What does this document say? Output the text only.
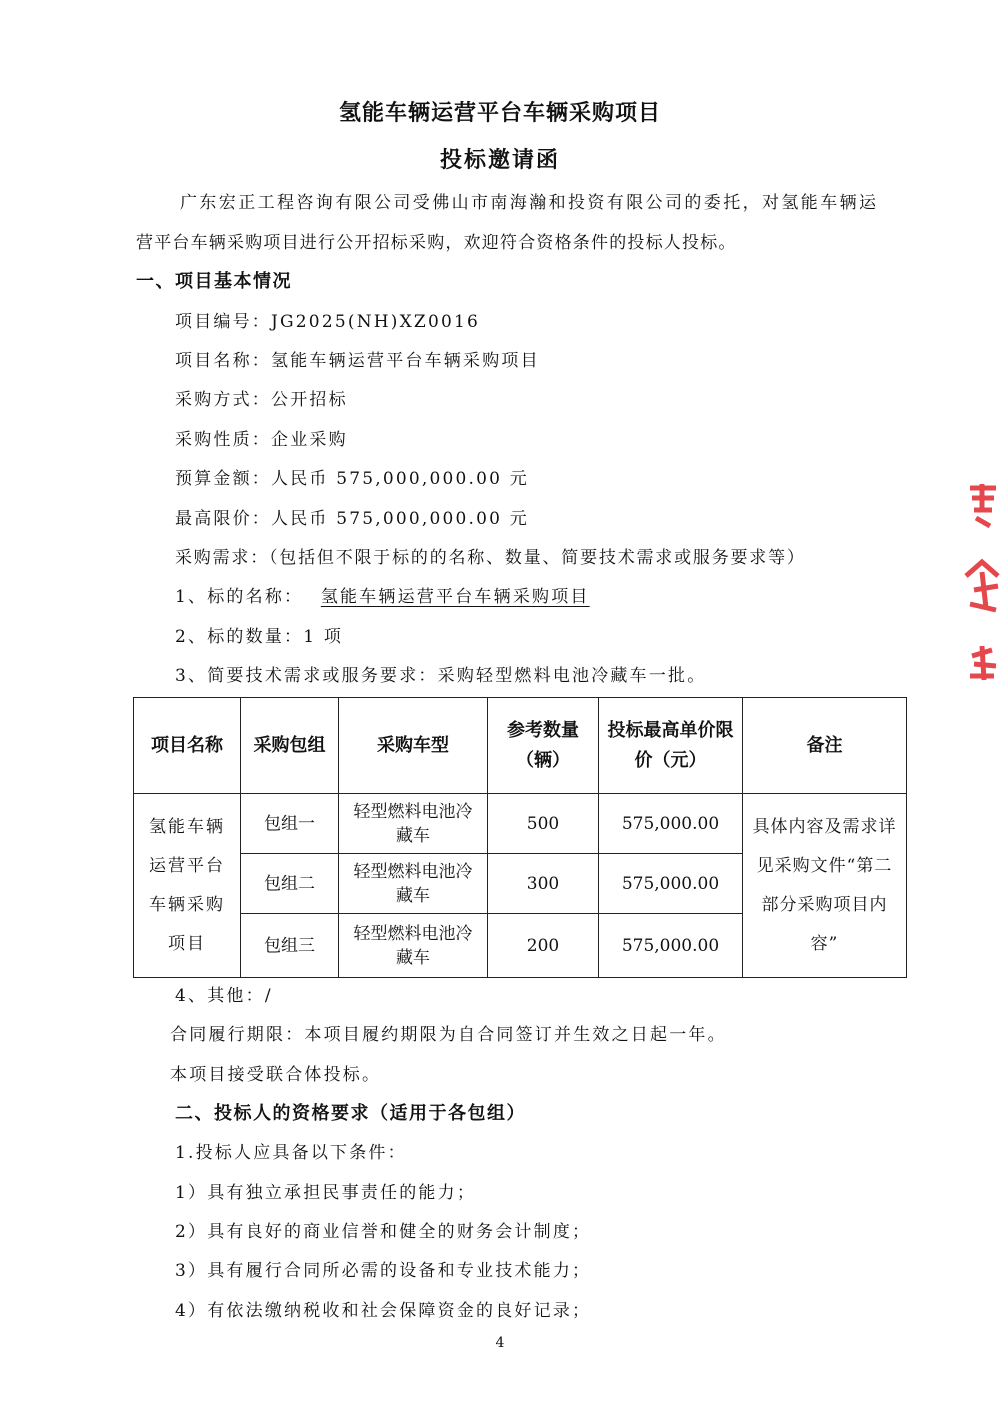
氢能车辆运营平台车辆采购项目
投标邀请函
广东宏正工程咨询有限公司受佛山市南海瀚和投资有限公司的委托，对氢能车辆运
营平台车辆采购项目进行公开招标采购，欢迎符合资格条件的投标人投标。
一、项目基本情况
项目编号：JG2025(NH)XZ0016
项目名称：氢能车辆运营平台车辆采购项目
采购方式：公开招标
采购性质：企业采购
预算金额：人民币 575,000,000.00 元
最高限价：人民币 575,000,000.00 元
采购需求：（包括但不限于标的的名称、数量、简要技术需求或服务要求等）
1、标的名称： 氢能车辆运营平台车辆采购项目
2、标的数量：1 项
3、简要技术需求或服务要求：采购轻型燃料电池冷藏车一批。
项目名称	采购包组	采购车型	参考数量（辆）	投标最高单价限价（元）	备注
氢能车辆运营平台车辆采购项目	包组一	轻型燃料电池冷藏车	500	575,000.00	具体内容及需求详见采购文件“第二部分采购项目内容”
	包组二	轻型燃料电池冷藏车	300	575,000.00	
	包组三	轻型燃料电池冷藏车	200	575,000.00	
4、其他：/
合同履行期限：本项目履约期限为自合同签订并生效之日起一年。
本项目接受联合体投标。
二、投标人的资格要求（适用于各包组）
1.投标人应具备以下条件：
1）具有独立承担民事责任的能力；
2）具有良好的商业信誉和健全的财务会计制度；
3）具有履行合同所必需的设备和专业技术能力；
4）有依法缴纳税收和社会保障资金的良好记录；
4
